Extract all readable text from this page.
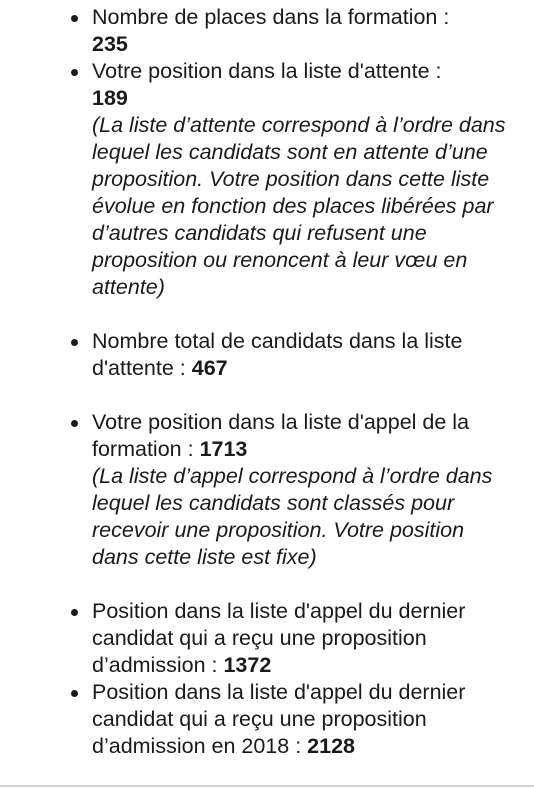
Nombre de places dans la formation :
235
Votre position dans la liste d'attente :
189
(La liste d’attente correspond à l’ordre dans lequel les candidats sont en attente d’une proposition. Votre position dans cette liste évolue en fonction des places libérées par d’autres candidats qui refusent une proposition ou renoncent à leur vœu en attente)
Nombre total de candidats dans la liste d'attente : 467
Votre position dans la liste d'appel de la formation : 1713
(La liste d’appel correspond à l’ordre dans lequel les candidats sont classés pour recevoir une proposition. Votre position dans cette liste est fixe)
Position dans la liste d'appel du dernier candidat qui a reçu une proposition d’admission : 1372
Position dans la liste d'appel du dernier candidat qui a reçu une proposition d’admission en 2018 : 2128
